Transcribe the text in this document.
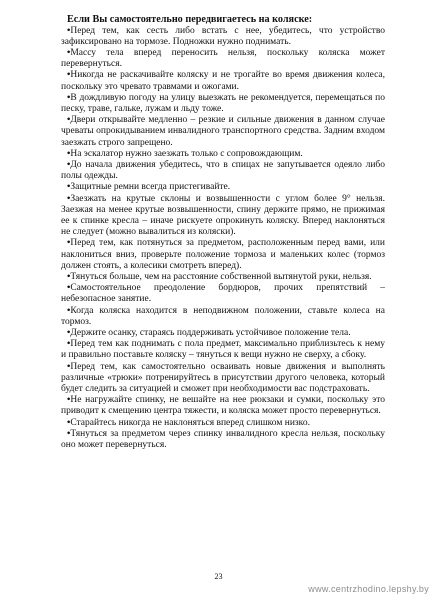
Если Вы самостоятельно передвигаетесь на коляске:

• Перед тем, как сесть либо встать с нее, убедитесь, что устройство зафиксировано на тормозе. Подножки нужно поднимать.

• Массу тела вперед переносить нельзя, поскольку коляска может перевернуться.

• Никогда не раскачивайте коляску и не трогайте во время движения колеса, поскольку это чревато травмами и ожогами.

• В дождливую погоду на улицу выезжать не рекомендуется, перемещаться по песку, траве, гальке, лужам и льду тоже.

• Двери открывайте медленно – резкие и сильные движения в данном случае чреваты опрокидыванием инвалидного транспортного средства. Задним входом заезжать строго запрещено.

• На эскалатор нужно заезжать только с сопровождающим.

• До начала движения убедитесь, что в спицах не запутывается одеяло либо полы одежды.

• Защитные ремни всегда пристегивайте.

• Заезжать на крутые склоны и возвышенности с углом более 9° нельзя. Заезжая на менее крутые возвышенности, спину держите прямо, не прижимая ее к спинке кресла – иначе рискуете опрокинуть коляску. Вперед наклоняться не следует (можно вывалиться из коляски).

• Перед тем, как потянуться за предметом, расположенным перед вами, или наклониться вниз, проверьте положение тормоза и маленьких колес (тормоз должен стоять, а колесики смотреть вперед).

• Тянуться больше, чем на расстояние собственной вытянутой руки, нельзя.

• Самостоятельное преодоление бордюров, прочих препятствий – небезопасное занятие.

• Когда коляска находится в неподвижном положении, ставьте колеса на тормоз.

• Держите осанку, стараясь поддерживать устойчивое положение тела.

• Перед тем как поднимать с пола предмет, максимально приблизьтесь к нему и правильно поставьте коляску – тянуться к вещи нужно не сверху, а сбоку.

• Перед тем, как самостоятельно осваивать новые движения и выполнять различные «трюки» потренируйтесь в присутствии другого человека, который будет следить за ситуацией и сможет при необходимости вас подстраховать.

• Не нагружайте спинку, не вешайте на нее рюкзаки и сумки, поскольку это приводит к смещению центра тяжести, и коляска может просто перевернуться.

• Старайтесь никогда не наклоняться вперед слишком низко.

• Тянуться за предметом через спинку инвалидного кресла нельзя, поскольку оно может перевернуться.

23
www.centrzhodino.lepshy.by
